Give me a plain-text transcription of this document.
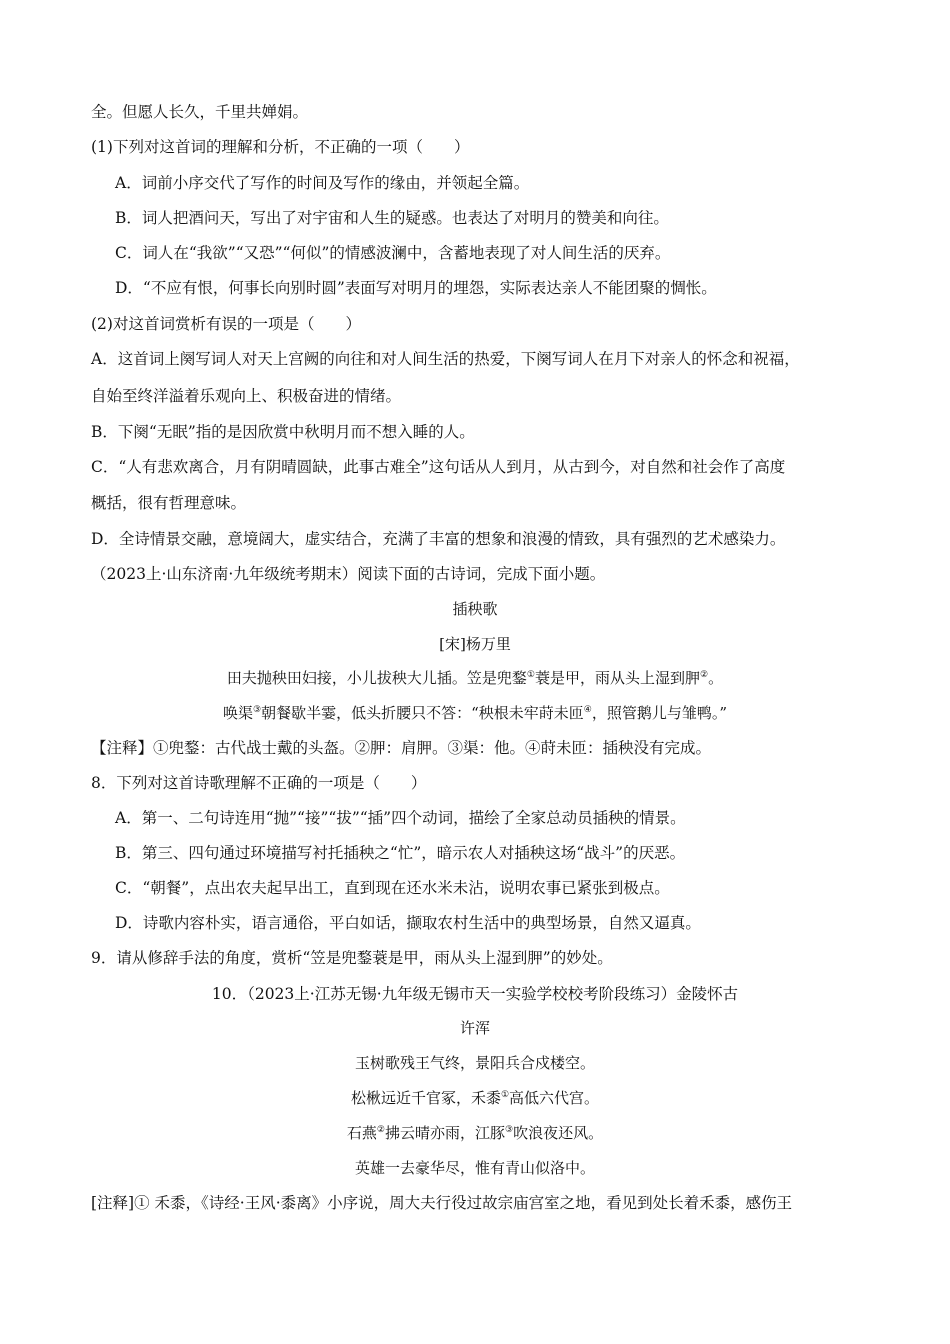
全。但愿人长久，千里共婵娟。
(1)下列对这首词的理解和分析，不正确的一项（　　）
A．词前小序交代了写作的时间及写作的缘由，并领起全篇。
B．词人把酒问天，写出了对宇宙和人生的疑惑。也表达了对明月的赞美和向往。
C．词人在“我欲”“又恐”“何似”的情感波澜中，含蓄地表现了对人间生活的厌弃。
D．“不应有恨，何事长向别时圆”表面写对明月的埋怨，实际表达亲人不能团聚的惆怅。
(2)对这首词赏析有误的一项是（　　）
A．这首词上阕写词人对天上宫阙的向往和对人间生活的热爱，下阕写词人在月下对亲人的怀念和祝福，
自始至终洋溢着乐观向上、积极奋进的情绪。
B．下阕“无眠”指的是因欣赏中秋明月而不想入睡的人。
C．“人有悲欢离合，月有阴晴圆缺，此事古难全”这句话从人到月，从古到今，对自然和社会作了高度
概括，很有哲理意味。
D．全诗情景交融，意境阔大，虚实结合，充满了丰富的想象和浪漫的情致，具有强烈的艺术感染力。
（2023上·山东济南·九年级统考期末）阅读下面的古诗词，完成下面小题。
插秧歌
[宋]杨万里
田夫抛秧田妇接，小儿拔秧大儿插。笠是兜鍪①蓑是甲，雨从头上湿到胛②。
唤渠③朝餐歇半霎，低头折腰只不答：“秧根未牢莳未匝④，照管鹅儿与雏鸭。”
【注释】①兜鍪：古代战士戴的头盔。②胛：肩胛。③渠：他。④莳未匝：插秧没有完成。
8．下列对这首诗歌理解不正确的一项是（　　）
A．第一、二句诗连用“抛”“接”“拔”“插”四个动词，描绘了全家总动员插秧的情景。
B．第三、四句通过环境描写衬托插秧之“忙”，暗示农人对插秧这场“战斗”的厌恶。
C．“朝餐”，点出农夫起早出工，直到现在还水米未沾，说明农事已紧张到极点。
D．诗歌内容朴实，语言通俗，平白如话，撷取农村生活中的典型场景，自然又逼真。
9．请从修辞手法的角度，赏析“笠是兜鍪蓑是甲，雨从头上湿到胛”的妙处。
10．（2023上·江苏无锡·九年级无锡市天一实验学校校考阶段练习）金陵怀古
许浑
玉树歌残王气终，景阳兵合戍楼空。
松楸远近千官冢，禾黍①高低六代宫。
石燕②拂云晴亦雨，江豚③吹浪夜还风。
英雄一去豪华尽，惟有青山似洛中。
[注释]① 禾黍，《诗经·王风·黍离》小序说，周大夫行役过故宗庙宫室之地，看见到处长着禾黍，感伤王
